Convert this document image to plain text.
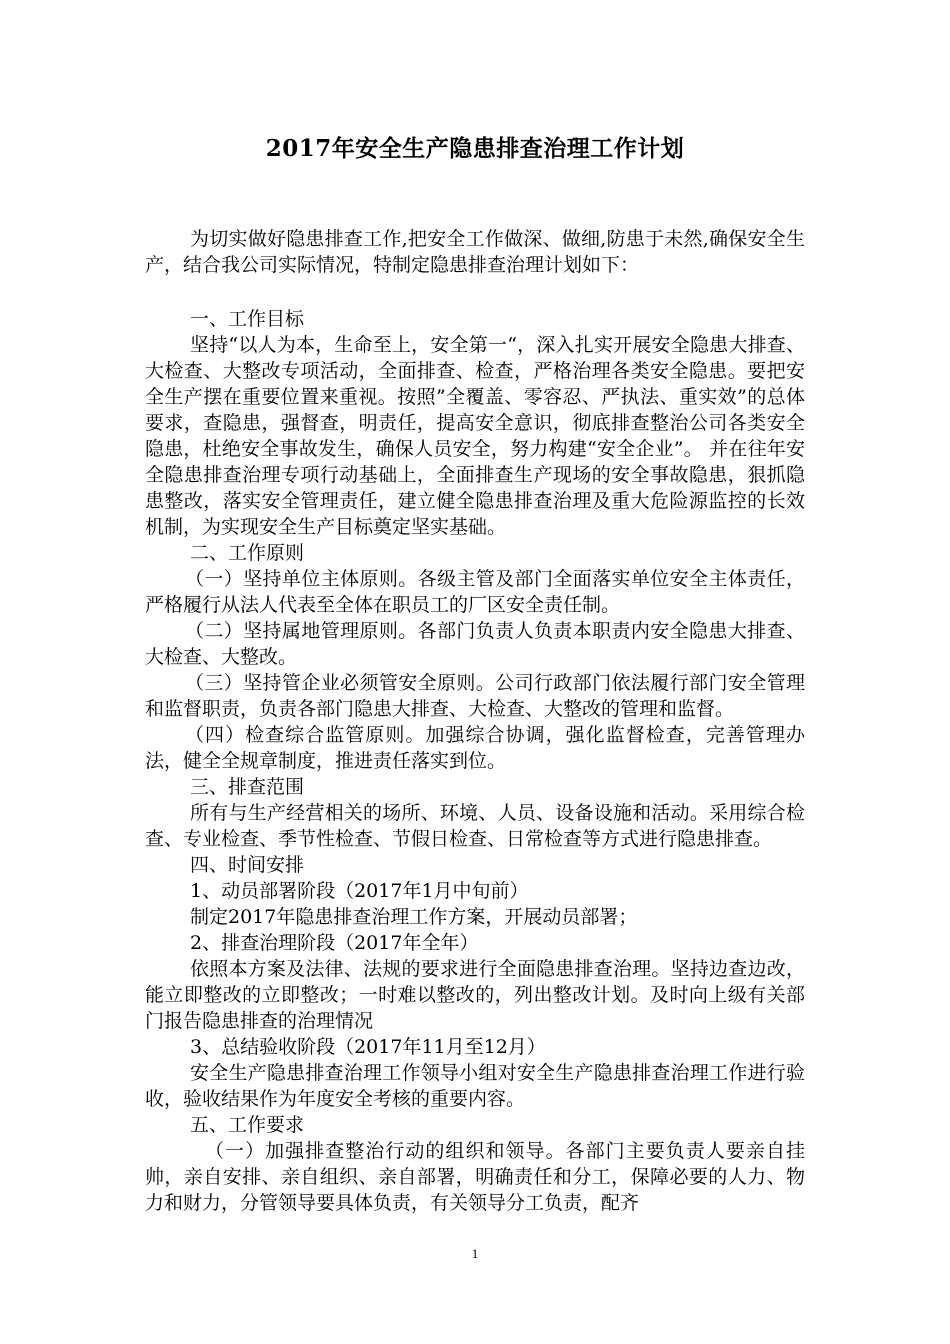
2017年安全生产隐患排查治理工作计划

为切实做好隐患排查工作,把安全工作做深、做细,防患于未然,确保安全生产，结合我公司实际情况，特制定隐患排查治理计划如下：

一、工作目标

坚持“以人为本，生命至上，安全第一“，深入扎实开展安全隐患大排查、大检查、大整改专项活动，全面排查、检查，严格治理各类安全隐患。要把安全生产摆在重要位置来重视。按照”全覆盖、零容忍、严执法、重实效”的总体要求，查隐患，强督查，明责任，提高安全意识，彻底排查整治公司各类安全隐患，杜绝安全事故发生，确保人员安全，努力构建“安全企业”。 并在往年安全隐患排查治理专项行动基础上，全面排查生产现场的安全事故隐患，狠抓隐患整改，落实安全管理责任，建立健全隐患排查治理及重大危险源监控的长效机制，为实现安全生产目标奠定坚实基础。

二、工作原则

（一）坚持单位主体原则。各级主管及部门全面落实单位安全主体责任，严格履行从法人代表至全体在职员工的厂区安全责任制。

（二）坚持属地管理原则。各部门负责人负责本职责内安全隐患大排查、大检查、大整改。

（三）坚持管企业必须管安全原则。公司行政部门依法履行部门安全管理和监督职责，负责各部门隐患大排查、大检查、大整改的管理和监督。

（四）检查综合监管原则。加强综合协调，强化监督检查，完善管理办法，健全全规章制度，推进责任落实到位。

三、排查范围

所有与生产经营相关的场所、环境、人员、设备设施和活动。采用综合检查、专业检查、季节性检查、节假日检查、日常检查等方式进行隐患排查。

四、时间安排

1、动员部署阶段（2017年1月中旬前）

制定2017年隐患排查治理工作方案，开展动员部署；

2、排查治理阶段（2017年全年）

依照本方案及法律、法规的要求进行全面隐患排查治理。坚持边查边改，能立即整改的立即整改；一时难以整改的，列出整改计划。及时向上级有关部门报告隐患排查的治理情况

3、总结验收阶段（2017年11月至12月）

安全生产隐患排查治理工作领导小组对安全生产隐患排查治理工作进行验收，验收结果作为年度安全考核的重要内容。

五、工作要求

（一）加强排查整治行动的组织和领导。各部门主要负责人要亲自挂帅，亲自安排、亲自组织、亲自部署，明确责任和分工，保障必要的人力、物力和财力，分管领导要具体负责，有关领导分工负责，配齐

1
